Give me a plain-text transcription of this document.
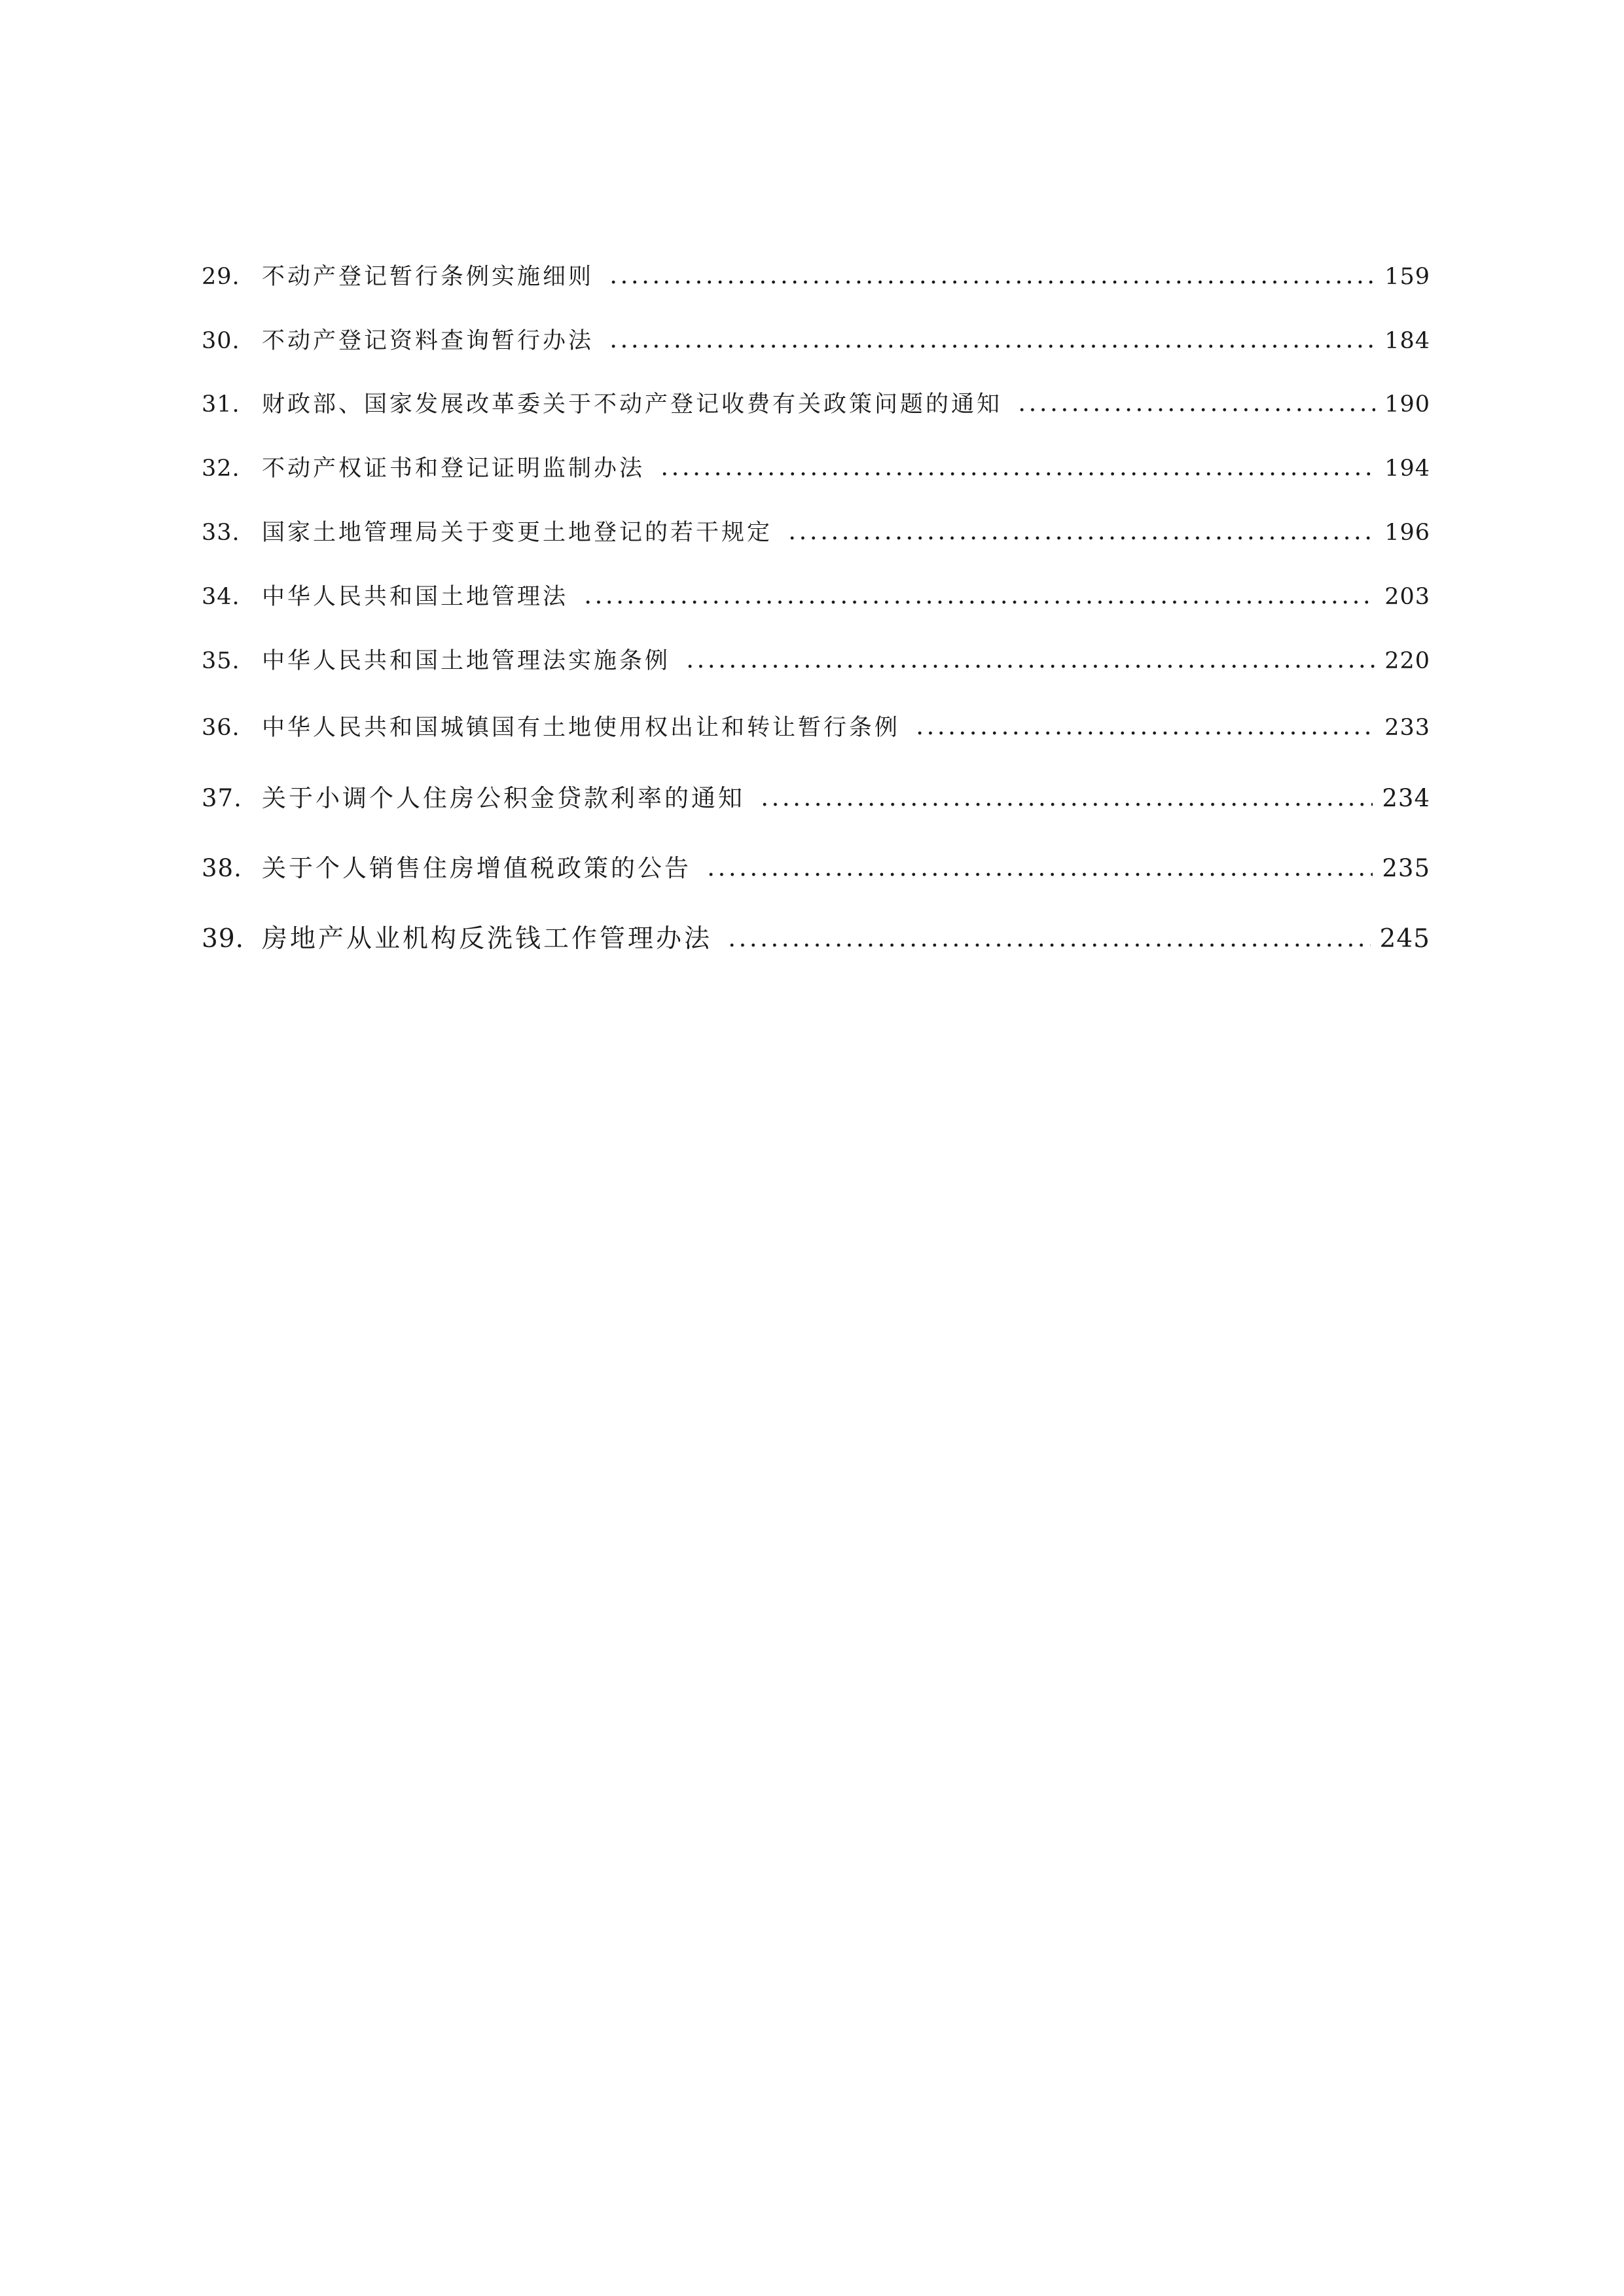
29. 不动产登记暂行条例实施细则	159
30. 不动产登记资料查询暂行办法	184
31. 财政部、国家发展改革委关于不动产登记收费有关政策问题的通知	190
32. 不动产权证书和登记证明监制办法	194
33. 国家土地管理局关于变更土地登记的若干规定	196
34. 中华人民共和国土地管理法	203
35. 中华人民共和国土地管理法实施条例	220
36. 中华人民共和国城镇国有土地使用权出让和转让暂行条例	233
37. 关于小调个人住房公积金贷款利率的通知	234
38. 关于个人销售住房增值税政策的公告	235
39. 房地产从业机构反洗钱工作管理办法	245
